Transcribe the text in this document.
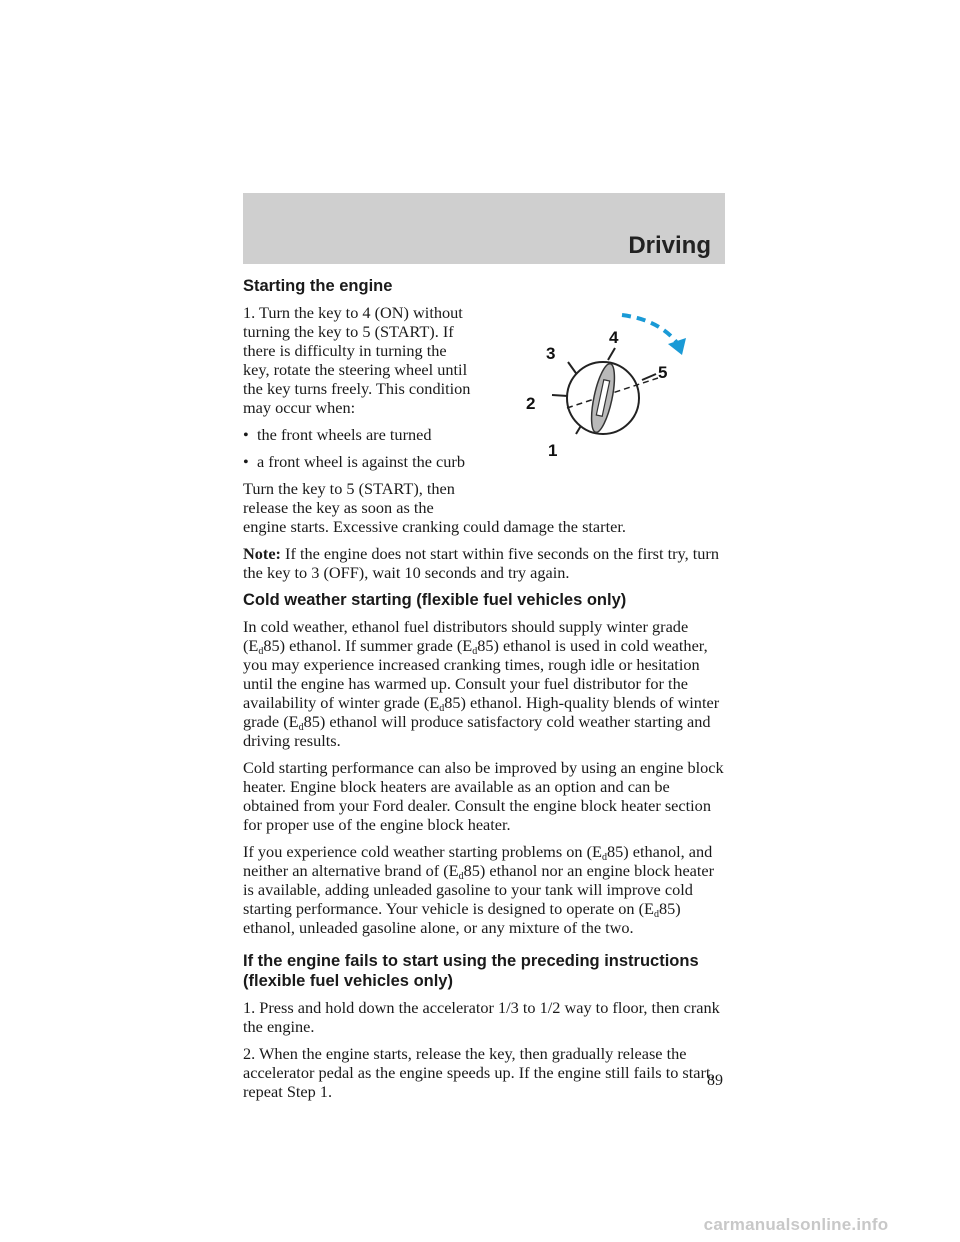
Driving
1
2
3
4
5
Starting the engine

1. Turn the key to 4 (ON) without turning the key to 5 (START). If there is difficulty in turning the key, rotate the steering wheel until the key turns freely. This condition may occur when:

• the front wheels are turned
• a front wheel is against the curb

Turn the key to 5 (START), then release the key as soon as the

engine starts. Excessive cranking could damage the starter.

Note: If the engine does not start within five seconds on the first try, turn the key to 3 (OFF), wait 10 seconds and try again.

Cold weather starting (flexible fuel vehicles only)

In cold weather, ethanol fuel distributors should supply winter grade $(E_d85)$ ethanol. If summer grade $(E_d85)$ ethanol is used in cold weather, you may experience increased cranking times, rough idle or hesitation until the engine has warmed up. Consult your fuel distributor for the availability of winter grade $(E_d85)$ ethanol. High-quality blends of winter grade $(E_d85)$ ethanol will produce satisfactory cold weather starting and driving results.

Cold starting performance can also be improved by using an engine block heater. Engine block heaters are available as an option and can be obtained from your Ford dealer. Consult the engine block heater section for proper use of the engine block heater.

If you experience cold weather starting problems on $(E_d85)$ ethanol, and neither an alternative brand of $(E_d85)$ ethanol nor an engine block heater is available, adding unleaded gasoline to your tank will improve cold starting performance. Your vehicle is designed to operate on $(E_d85)$ ethanol, unleaded gasoline alone, or any mixture of the two.

If the engine fails to start using the preceding instructions (flexible fuel vehicles only)

1. Press and hold down the accelerator 1/3 to 1/2 way to floor, then crank the engine.

2. When the engine starts, release the key, then gradually release the accelerator pedal as the engine speeds up. If the engine still fails to start, repeat Step 1.

89
carmanualsonline.info
